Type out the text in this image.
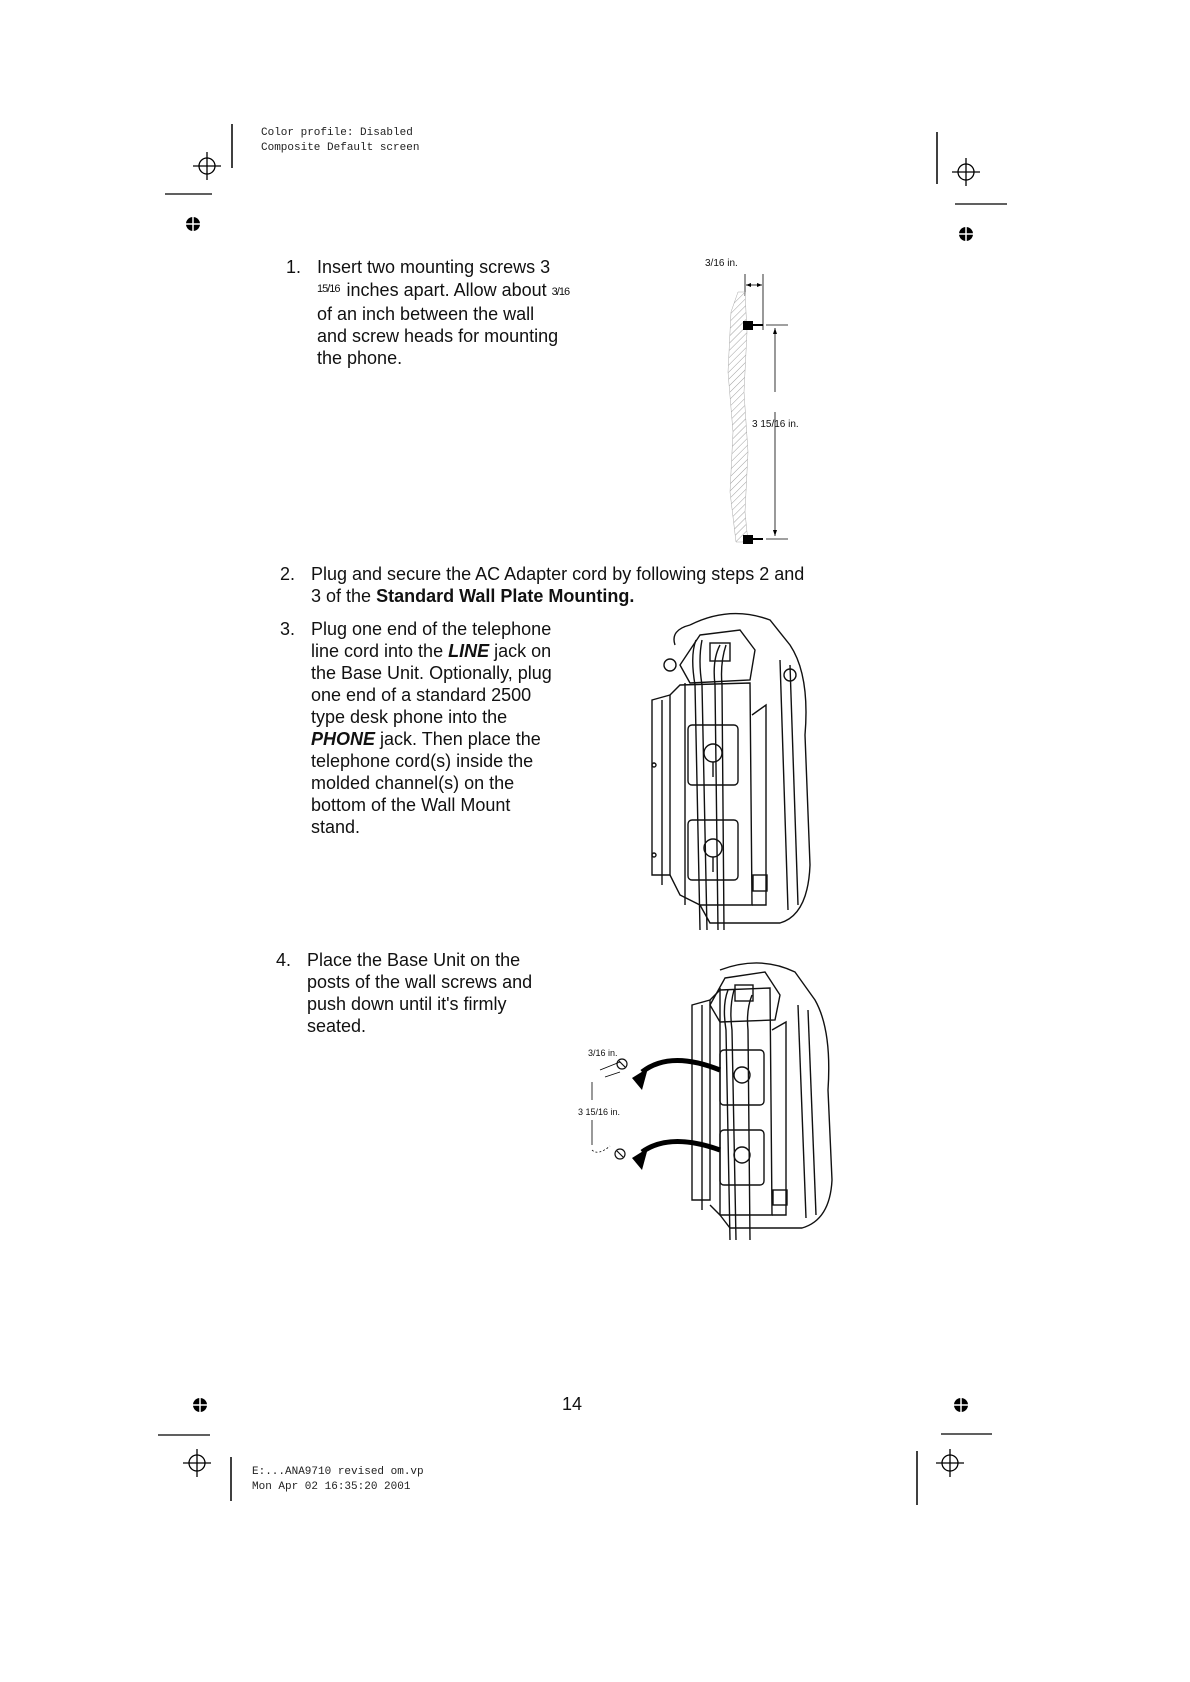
Color profile: Disabled
Composite Default screen
E:...ANA9710 revised om.vp
Mon Apr 02 16:35:20 2001
1. Insert two mounting screws 3
15/16 inches apart. Allow about 3/16
of an inch between the wall
and screw heads for mounting
the phone.
3/16 in.
3 15/16 in.
2. Plug and secure the AC Adapter cord by following steps 2 and
3 of the Standard Wall Plate Mounting.
3. Plug one end of the telephone
line cord into the LINE jack on
the Base Unit. Optionally, plug
one end of a standard 2500
type desk phone into the
PHONE jack. Then place the
telephone cord(s) inside the
molded channel(s) on the
bottom of the Wall Mount
stand.
4. Place the Base Unit on the
posts of the wall screws and
push down until it's firmly
seated.
3/16 in.
3 15/16 in.
14
